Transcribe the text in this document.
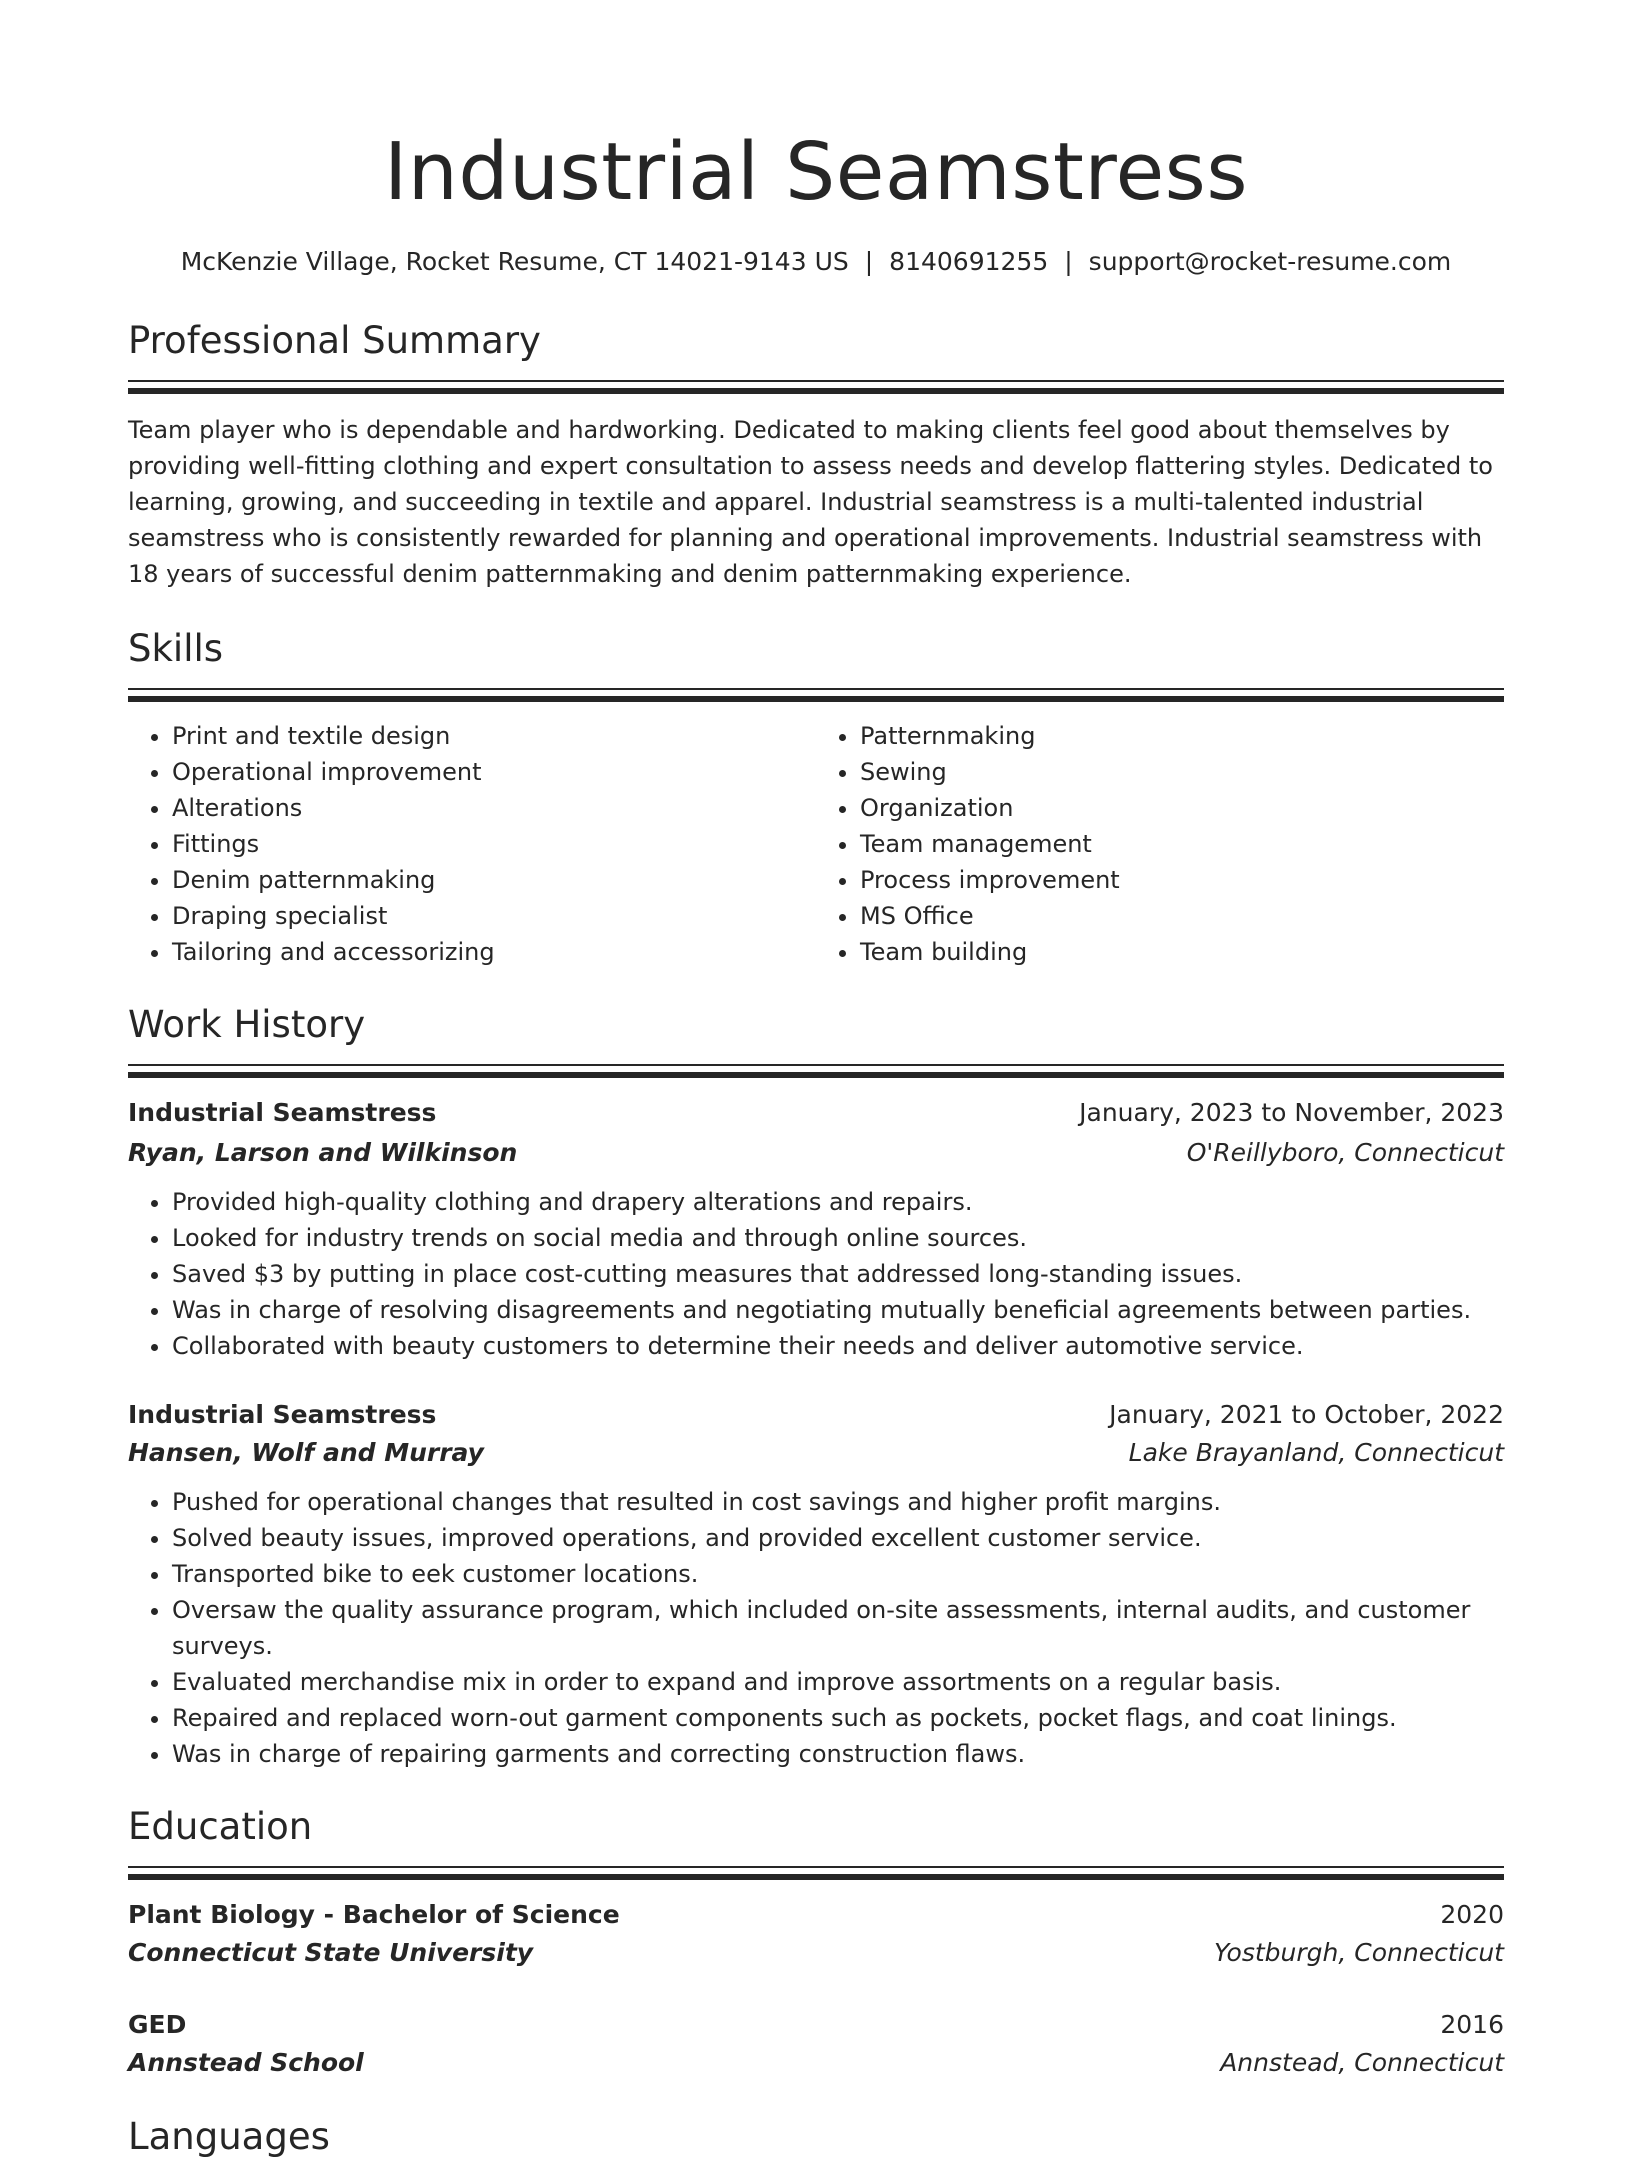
Industrial Seamstress
McKenzie Village, Rocket Resume, CT 14021-9143 US | 8140691255 | support@rocket-resume.com
Professional Summary
Team player who is dependable and hardworking. Dedicated to making clients feel good about themselves by providing well-fitting clothing and expert consultation to assess needs and develop flattering styles. Dedicated to learning, growing, and succeeding in textile and apparel. Industrial seamstress is a multi-talented industrial seamstress who is consistently rewarded for planning and operational improvements. Industrial seamstress with 18 years of successful denim patternmaking and denim patternmaking experience.
Skills
• Print and textile design
• Operational improvement
• Alterations
• Fittings
• Denim patternmaking
• Draping specialist
• Tailoring and accessorizing
• Patternmaking
• Sewing
• Organization
• Team management
• Process improvement
• MS Office
• Team building
Work History
Industrial Seamstress	January, 2023 to November, 2023
Ryan, Larson and Wilkinson	O'Reillyboro, Connecticut
• Provided high-quality clothing and drapery alterations and repairs.
• Looked for industry trends on social media and through online sources.
• Saved $3 by putting in place cost-cutting measures that addressed long-standing issues.
• Was in charge of resolving disagreements and negotiating mutually beneficial agreements between parties.
• Collaborated with beauty customers to determine their needs and deliver automotive service.
Industrial Seamstress	January, 2021 to October, 2022
Hansen, Wolf and Murray	Lake Brayanland, Connecticut
• Pushed for operational changes that resulted in cost savings and higher profit margins.
• Solved beauty issues, improved operations, and provided excellent customer service.
• Transported bike to eek customer locations.
• Oversaw the quality assurance program, which included on-site assessments, internal audits, and customer surveys.
• Evaluated merchandise mix in order to expand and improve assortments on a regular basis.
• Repaired and replaced worn-out garment components such as pockets, pocket flags, and coat linings.
• Was in charge of repairing garments and correcting construction flaws.
Education
Plant Biology - Bachelor of Science	2020
Connecticut State University	Yostburgh, Connecticut
GED	2016
Annstead School	Annstead, Connecticut
Languages
